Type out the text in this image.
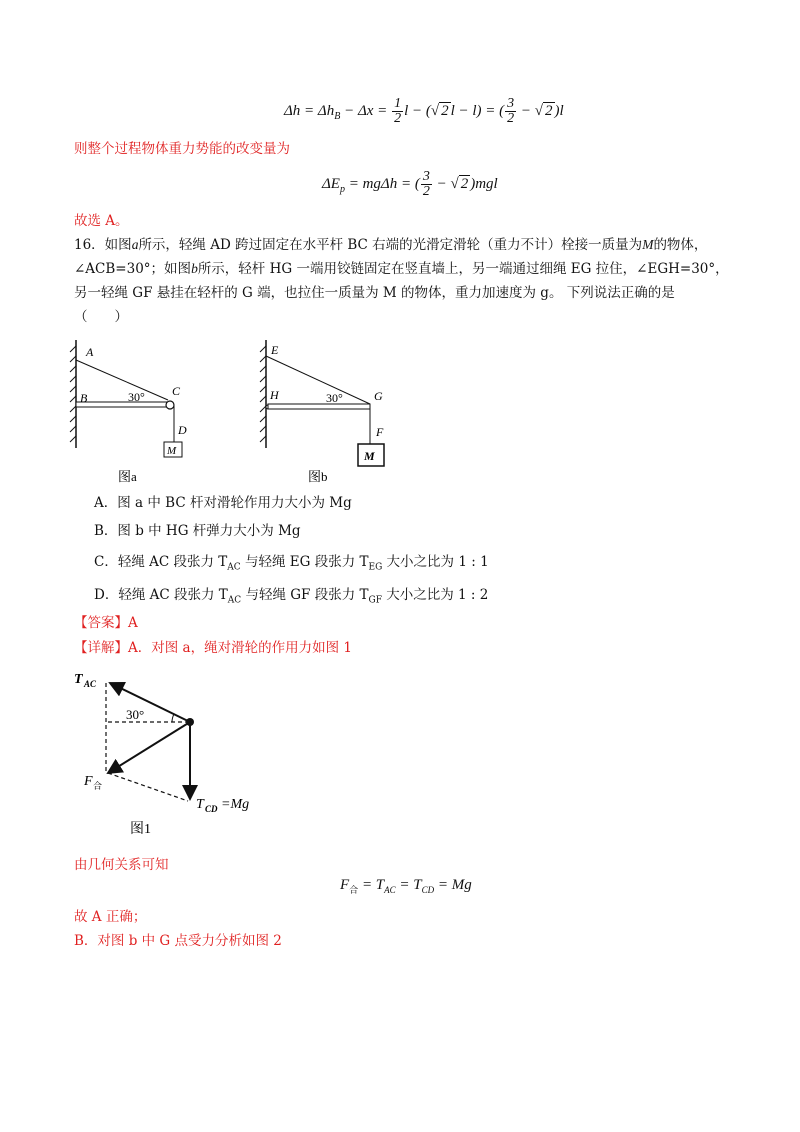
$\Delta h = \Delta h_B - \Delta x = \frac{1}{2}$ l − (√ 2 l − l) = ( $\frac{3}{2}$ − √ 2 )l
则整个过程物体重力势能的改变量为
$\Delta E_p = mg\Delta h$ = ( $\frac{3}{2}$ − √ 2 )mgl
故选 A。
16．如图a所示，轻绳 AD 跨过固定在水平杆 BC 右端的光滑定滑轮（重力不计）栓接一质量为M的物体，
∠ACB=30°；如图b所示，轻杆 HG 一端用铰链固定在竖直墙上，另一端通过细绳 EG 拉住，∠EGH=30°，
另一轻绳 GF 悬挂在轻杆的 G 端，也拉住一质量为 M 的物体，重力加速度为 g。 下列说法正确的是
（　　）
A
B	C
D
M
30°
图a
E
H	G
F
M
30°
图b
A．图 a 中 BC 杆对滑轮作用力大小为 Mg
B．图 b 中 HG 杆弹力大小为 Mg
C．轻绳 AC 段张力 $T_{AC}$ 与轻绳 EG 段张力 $T_{EG}$ 大小之比为 1 : 1
D．轻绳 AC 段张力 $T_{AC}$ 与轻绳 GF 段张力 $T_{GF}$ 大小之比为 1 : 2
【答案】A
【详解】A．对图 a，绳对滑轮的作用力如图 1
T AC
30°
F 合
T CD =Mg
图1
由几何关系可知
$F_合 = T_{AC} = T_{CD} = Mg$
故 A 正确；
B．对图 b 中 G 点受力分析如图 2
